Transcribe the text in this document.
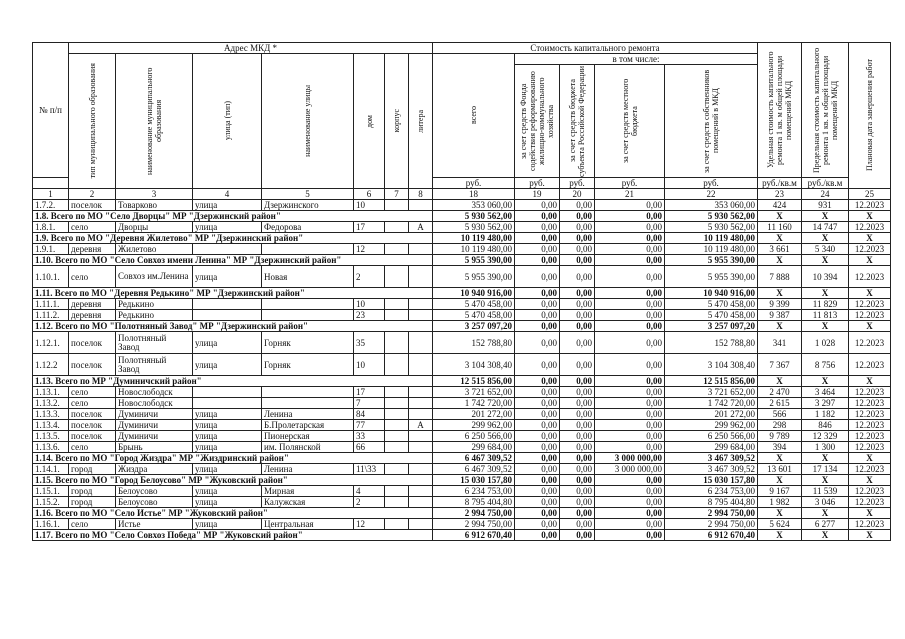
№ п/п	Адрес МКД *							Стоимость капитального ремонта					Удельная стоимость капитального ремонта 1 кв. м общей площади помещений МКД	Предельная стоимость капитального ремонта 1 кв. м общей площади помещений МКД	Плановая дата завершения работ

	тип муниципального образования	наименование муниципального образования	улица (тип)	наименование улицы	дом	корпус	литера	всего	в том числе:						

									за счет средств Фонда содействия реформированию жилищно-коммунального хозяйства	за счет средств бюджета субъекта Российской Федерации	за счет средств местного бюджета	за счет средств собственников помещений в МКД			

								руб.	руб.	руб.	руб.	руб.	руб./кв.м	руб./кв.м	
1	2	3	4	5	6	7	8	18	19	20	21	22	23	24	25
1.7.2.	поселок	Товарково	улица	Дзержинского	10			353 060,00	0,00	0,00	0,00	353 060,00	424	931	12.2023
1.8. Всего по МО "Село Дворцы" МР "Дзержинский район"								5 930 562,00	0,00	0,00	0,00	5 930 562,00	X	X	X
1.8.1.	село	Дворцы	улица	Федорова	17		А	5 930 562,00	0,00	0,00	0,00	5 930 562,00	11 160	14 747	12.2023
1.9. Всего по МО "Деревня Жилетово" МР "Дзержинский район"								10 119 480,00	0,00	0,00	0,00	10 119 480,00	X	X	X
1.9.1.	деревня	Жилетово			12			10 119 480,00	0,00	0,00	0,00	10 119 480,00	3 661	5 340	12.2023
1.10. Всего по МО "Село Совхоз имени Ленина" МР "Дзержинский район"								5 955 390,00	0,00	0,00	0,00	5 955 390,00	X	X	X
1.10.1.	село	Совхоз им.Ленина	улица	Новая	2			5 955 390,00	0,00	0,00	0,00	5 955 390,00	7 888	10 394	12.2023
1.11. Всего по МО "Деревня Редькино" МР "Дзержинский район"								10 940 916,00	0,00	0,00	0,00	10 940 916,00	X	X	X
1.11.1.	деревня	Редькино			10			5 470 458,00	0,00	0,00	0,00	5 470 458,00	9 399	11 829	12.2023
1.11.2.	деревня	Редькино			23			5 470 458,00	0,00	0,00	0,00	5 470 458,00	9 387	11 813	12.2023
1.12. Всего по МО "Полотняный Завод" МР "Дзержинский район"								3 257 097,20	0,00	0,00	0,00	3 257 097,20	X	X	X
1.12.1.	поселок	Полотняный Завод	улица	Горняк	35			152 788,80	0,00	0,00	0,00	152 788,80	341	1 028	12.2023
1.12.2	поселок	Полотняный Завод	улица	Горняк	10			3 104 308,40	0,00	0,00	0,00	3 104 308,40	7 367	8 756	12.2023
1.13. Всего по МР "Думиничский район"								12 515 856,00	0,00	0,00	0,00	12 515 856,00	X	X	X
1.13.1.	село	Новослободск			17			3 721 652,00	0,00	0,00	0,00	3 721 652,00	2 470	3 464	12.2023
1.13.2.	село	Новослободск			7			1 742 720,00	0,00	0,00	0,00	1 742 720,00	2 615	3 297	12.2023
1.13.3.	поселок	Думиничи	улица	Ленина	84			201 272,00	0,00	0,00	0,00	201 272,00	566	1 182	12.2023
1.13.4.	поселок	Думиничи	улица	Б.Пролетарская	77		А	299 962,00	0,00	0,00	0,00	299 962,00	298	846	12.2023
1.13.5.	поселок	Думиничи	улица	Пионерская	33			6 250 566,00	0,00	0,00	0,00	6 250 566,00	9 789	12 329	12.2023
1.13.6.	село	Брынь	улица	им. Полянской	66			299 684,00	0,00	0,00	0,00	299 684,00	394	1 300	12.2023
1.14. Всего по МО "Город Жиздра" МР "Жиздринский район"								6 467 309,52	0,00	0,00	3 000 000,00	3 467 309,52	X	X	X
1.14.1.	город	Жиздра	улица	Ленина	11\33			6 467 309,52	0,00	0,00	3 000 000,00	3 467 309,52	13 601	17 134	12.2023
1.15. Всего по МО "Город Белоусово" МР "Жуковский район"								15 030 157,80	0,00	0,00	0,00	15 030 157,80	X	X	X
1.15.1.	город	Белоусово	улица	Мирная	4			6 234 753,00	0,00	0,00	0,00	6 234 753,00	9 167	11 539	12.2023
1.15.2.	город	Белоусово	улица	Калужская	2			8 795 404,80	0,00	0,00	0,00	8 795 404,80	1 982	3 046	12.2023
1.16. Всего по МО "Село Истье" МР "Жуковский район"								2 994 750,00	0,00	0,00	0,00	2 994 750,00	X	X	X
1.16.1.	село	Истье	улица	Центральная	12			2 994 750,00	0,00	0,00	0,00	2 994 750,00	5 624	6 277	12.2023
1.17. Всего по МО "Село Совхоз Победа" МР "Жуковский район"								6 912 670,40	0,00	0,00	0,00	6 912 670,40	X	X	X
